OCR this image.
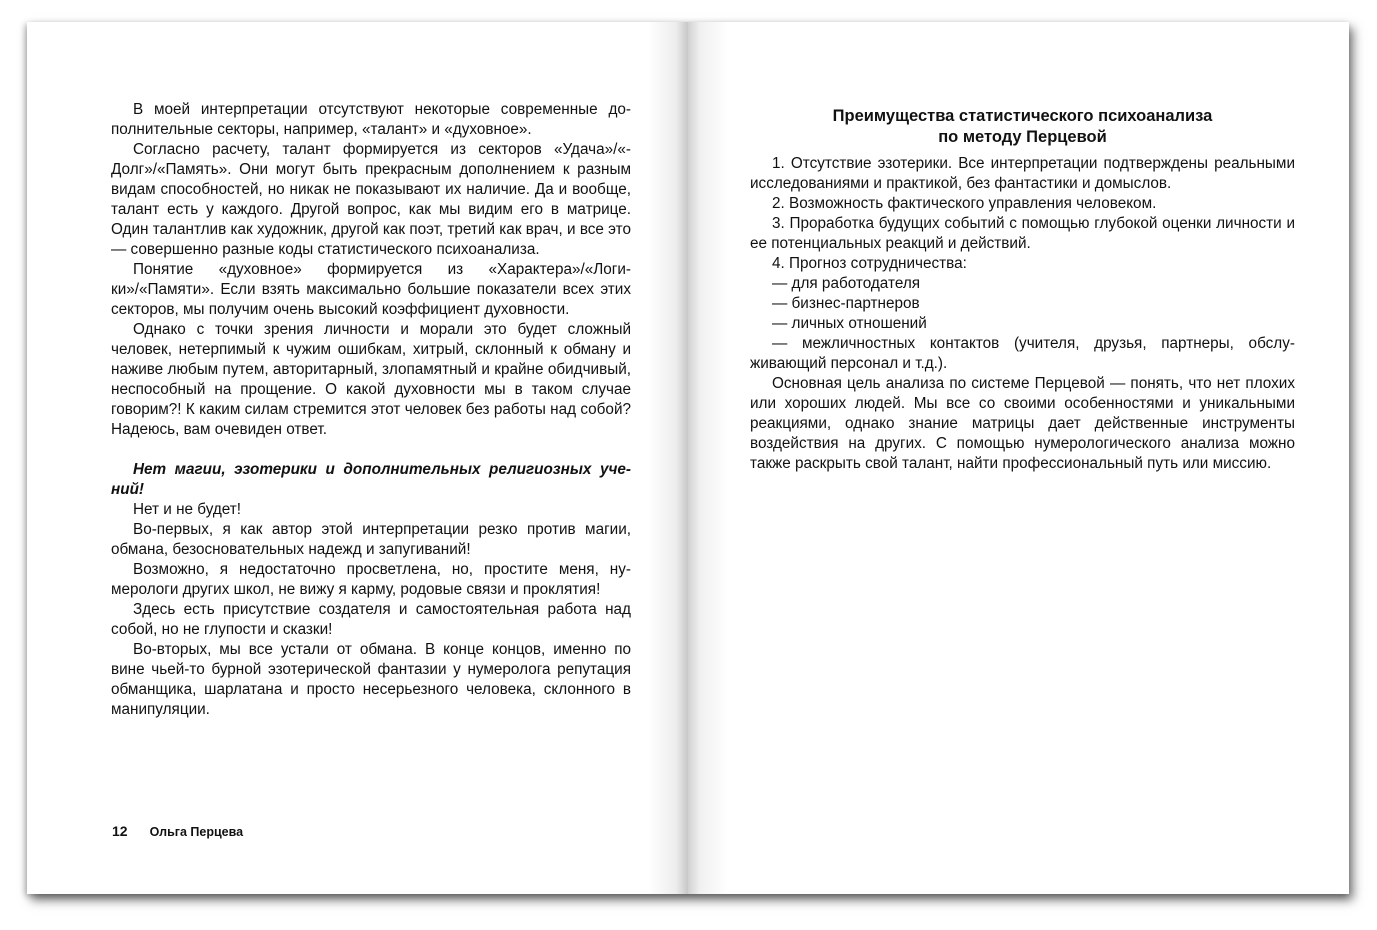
В моей интерпретации отсутствуют некоторые современные дополнительные секторы, например, «талант» и «духовное».

Согласно расчету, талант формируется из секторов «Удача»/«-Долг»/«Память». Они могут быть прекрасным дополнением к разным видам способностей, но никак не показывают их наличие. Да и вообще, талант есть у каждого. Другой вопрос, как мы видим его в матрице. Один талантлив как художник, другой как поэт, третий как врач, и все это — совершенно разные коды статистического психоанализа.

Понятие «духовное» формируется из «Характера»/«Логики»/«Памяти». Если взять максимально большие показатели всех этих секторов, мы получим очень высокий коэффициент духовности.

Однако с точки зрения личности и морали это будет сложный человек, нетерпимый к чужим ошибкам, хитрый, склонный к обману и наживе любым путем, авторитарный, злопамятный и крайне обидчивый, неспособный на прощение. О какой духовности мы в таком случае говорим?! К каким силам стремится этот человек без работы над собой? Надеюсь, вам очевиден ответ.

Нет магии, эзотерики и дополнительных религиозных учений!

Нет и не будет!

Во-первых, я как автор этой интерпретации резко против магии, обмана, безосновательных надежд и запугиваний!

Возможно, я недостаточно просветлена, но, простите меня, нумерологи других школ, не вижу я карму, родовые связи и проклятия!

Здесь есть присутствие создателя и самостоятельная работа над собой, но не глупости и сказки!

Во-вторых, мы все устали от обмана. В конце концов, именно по вине чьей-то бурной эзотерической фантазии у нумеролога репутация обманщика, шарлатана и просто несерьезного человека, склонного в манипуляции.

12 Ольга Перцева
Преимущества статистического психоанализа
по методу Перцевой

1. Отсутствие эзотерики. Все интерпретации подтверждены реальными исследованиями и практикой, без фантастики и домыслов.

2. Возможность фактического управления человеком.

3. Проработка будущих событий с помощью глубокой оценки личности и ее потенциальных реакций и действий.

4. Прогноз сотрудничества:

— для работодателя

— бизнес-партнеров

— личных отношений

— межличностных контактов (учителя, друзья, партнеры, обслуживающий персонал и т.д.).

Основная цель анализа по системе Перцевой — понять, что нет плохих или хороших людей. Мы все со своими особенностями и уникальными реакциями, однако знание матрицы дает действенные инструменты воздействия на других. С помощью нумерологического анализа можно также раскрыть свой талант, найти профессиональный путь или миссию.
